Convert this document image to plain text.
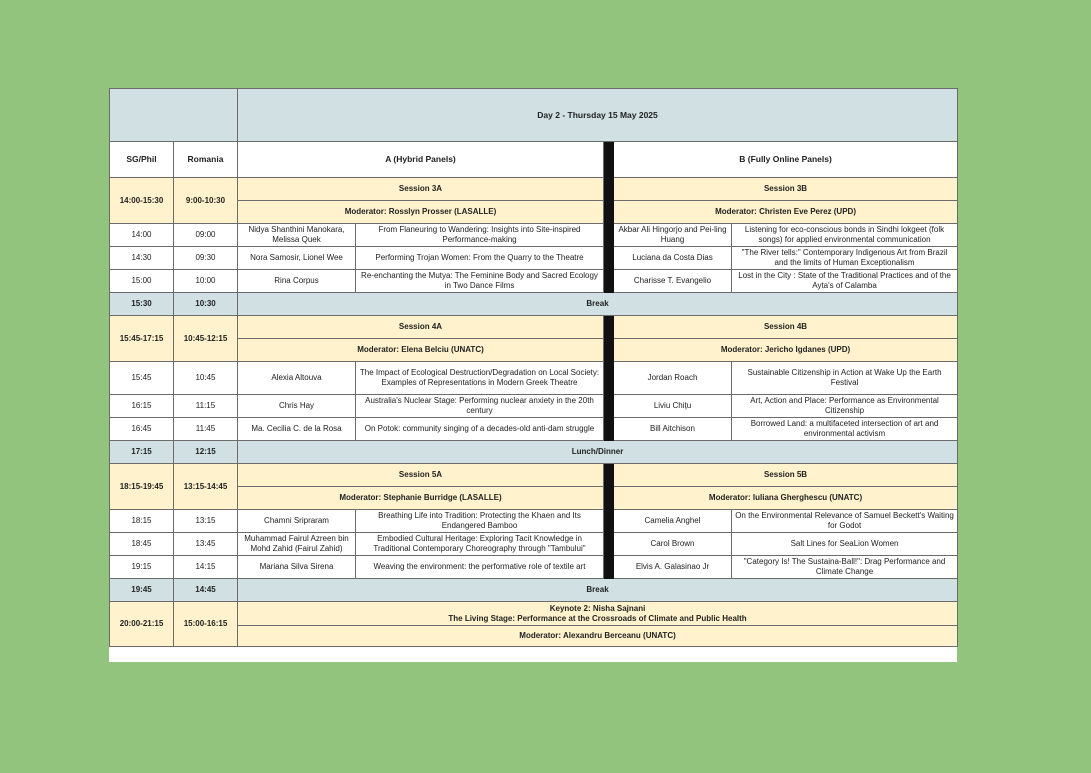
		Day 2 - Thursday 15 May 2025				
SG/Phil	Romania	A (Hybrid Panels)			B (Fully Online Panels)	
14:00-15:30	9:00-10:30	Session 3A			Session 3B	
		Moderator: Rosslyn Prosser (LASALLE)			Moderator: Christen Eve Perez (UPD)	
14:00	09:00	Nidya Shanthini Manokara, Melissa Quek	From Flaneuring to Wandering: Insights into Site-inspired Performance-making		Akbar Ali Hingorjo and Pei-ling Huang	Listening for eco-conscious bonds in Sindhi lokgeet (folk songs) for applied environmental communication
14:30	09:30	Nora Samosir, Lionel Wee	Performing Trojan Women: From the Quarry to the Theatre		Luciana da Costa Dias	"The River tells:" Contemporary Indigenous Art from Brazil and the limits of Human Exceptionalism
15:00	10:00	Rina Corpus	Re-enchanting the Mutya: The Feminine Body and Sacred Ecology in Two Dance Films		Charisse T. Evangelio	Lost in the City : State of the Traditional Practices and of the Ayta's of Calamba
15:30	10:30	Break				
15:45-17:15	10:45-12:15	Session 4A			Session 4B	
		Moderator: Elena Belciu (UNATC)			Moderator: Jericho Igdanes (UPD)	
15:45	10:45	Alexia Altouva	The Impact of Ecological Destruction/Degradation on Local Society: Examples of Representations in Modern Greek Theatre		Jordan Roach	Sustainable Citizenship in Action at Wake Up the Earth Festival
16:15	11:15	Chris Hay	Australia's Nuclear Stage: Performing nuclear anxiety in the 20th century		Liviu Chițu	Art, Action and Place: Performance as Environmental Citizenship
16:45	11:45	Ma. Cecilia C. de la Rosa	On Potok: community singing of a decades-old anti-dam struggle		Bill Aitchison	Borrowed Land: a multifaceted intersection of art and environmental activism
17:15	12:15	Lunch/Dinner				
18:15-19:45	13:15-14:45	Session 5A			Session 5B	
		Moderator: Stephanie Burridge (LASALLE)			Moderator: Iuliana Gherghescu (UNATC)	
18:15	13:15	Chamni Sripraram	Breathing Life into Tradition: Protecting the Khaen and Its Endangered Bamboo		Camelia Anghel	On the Environmental Relevance of Samuel Beckett's Waiting for Godot
18:45	13:45	Muhammad Fairul Azreen bin Mohd Zahid (Fairul Zahid)	Embodied Cultural Heritage: Exploring Tacit Knowledge in Traditional Contemporary Choreography through "Tambului"		Carol Brown	Salt Lines for SeaLion Women
19:15	14:15	Mariana Silva Sirena	Weaving the environment: the performative role of textile art		Elvis A. Galasinao Jr	"Category Is! The Sustaina-Ball!": Drag Performance and Climate Change
19:45	14:45	Break				
20:00-21:15	15:00-16:15	Keynote 2: Nisha Sajnani
The Living Stage: Performance at the Crossroads of Climate and Public Health				

		Moderator: Alexandru Berceanu (UNATC)				
